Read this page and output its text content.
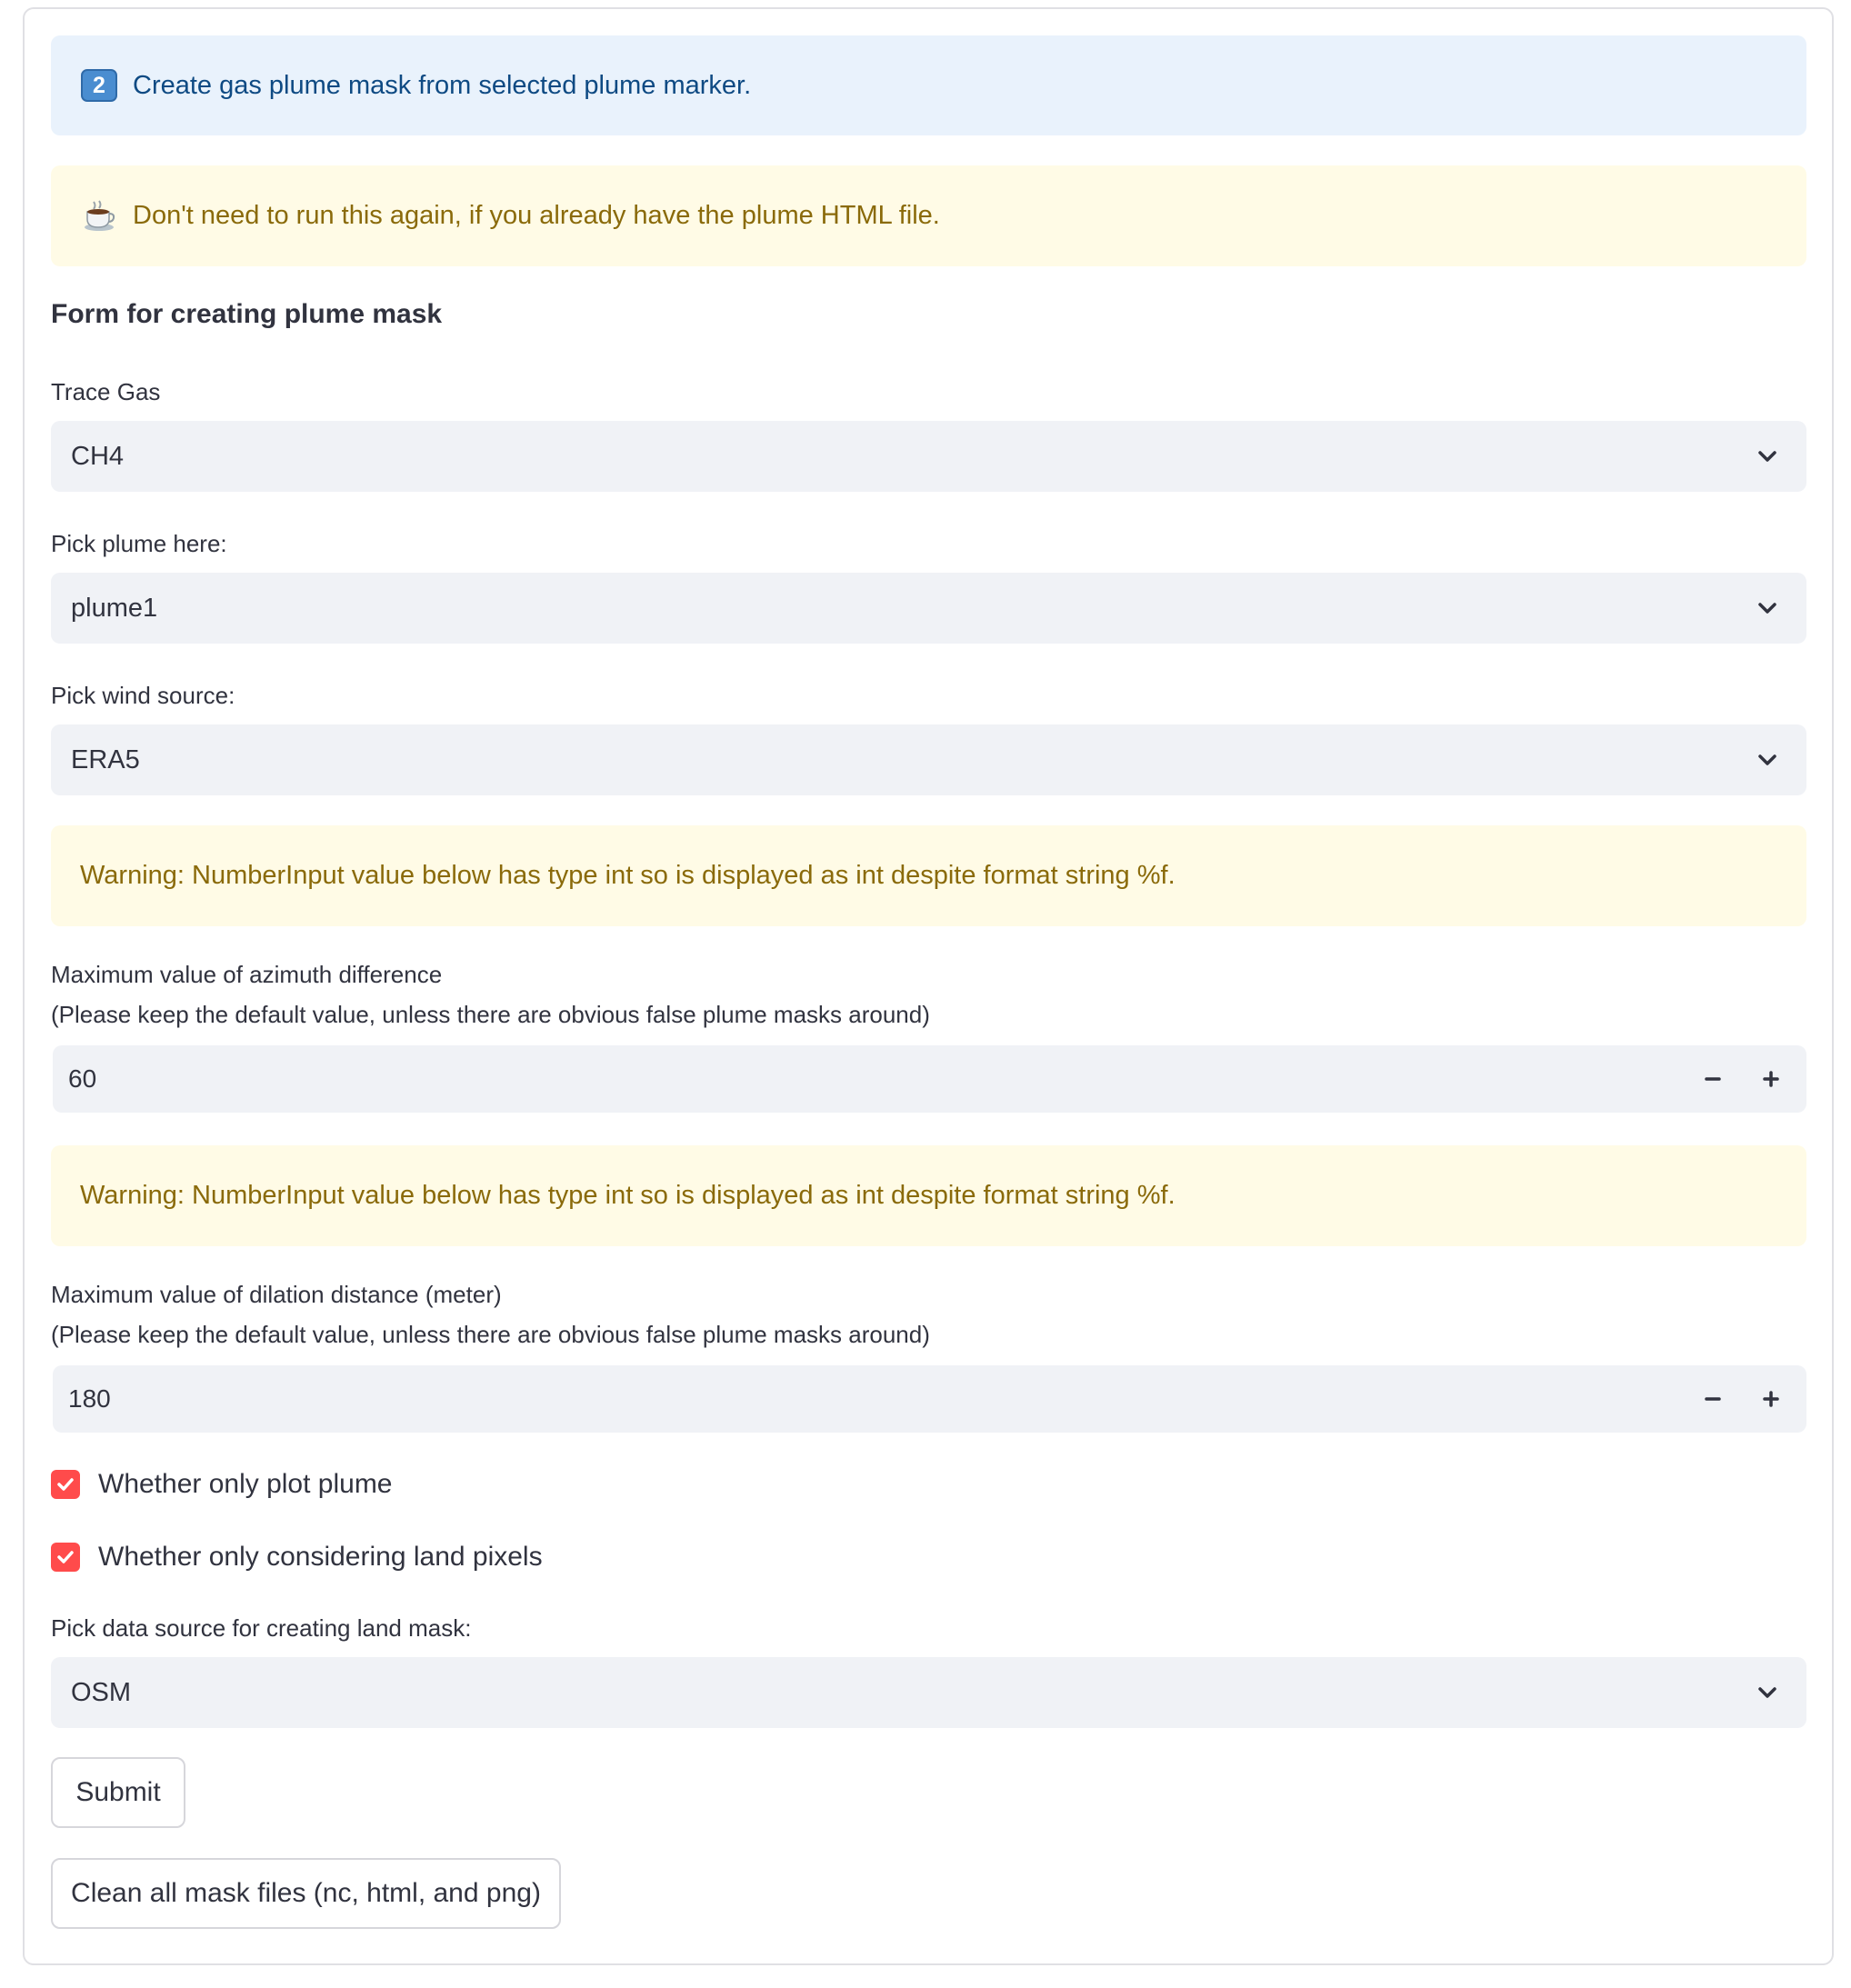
2	Create gas plume mask from selected plume marker.
Don't need to run this again, if you already have the plume HTML file.
Form for creating plume mask
Trace Gas
CH4
Pick plume here:
plume1
Pick wind source:
ERA5
Warning: NumberInput value below has type int so is displayed as int despite format string %f.
Maximum value of azimuth difference
(Please keep the default value, unless there are obvious false plume masks around)
60
Warning: NumberInput value below has type int so is displayed as int despite format string %f.
Maximum value of dilation distance (meter)
(Please keep the default value, unless there are obvious false plume masks around)
180
Whether only plot plume
Whether only considering land pixels
Pick data source for creating land mask:
OSM
Submit
Clean all mask files (nc, html, and png)
